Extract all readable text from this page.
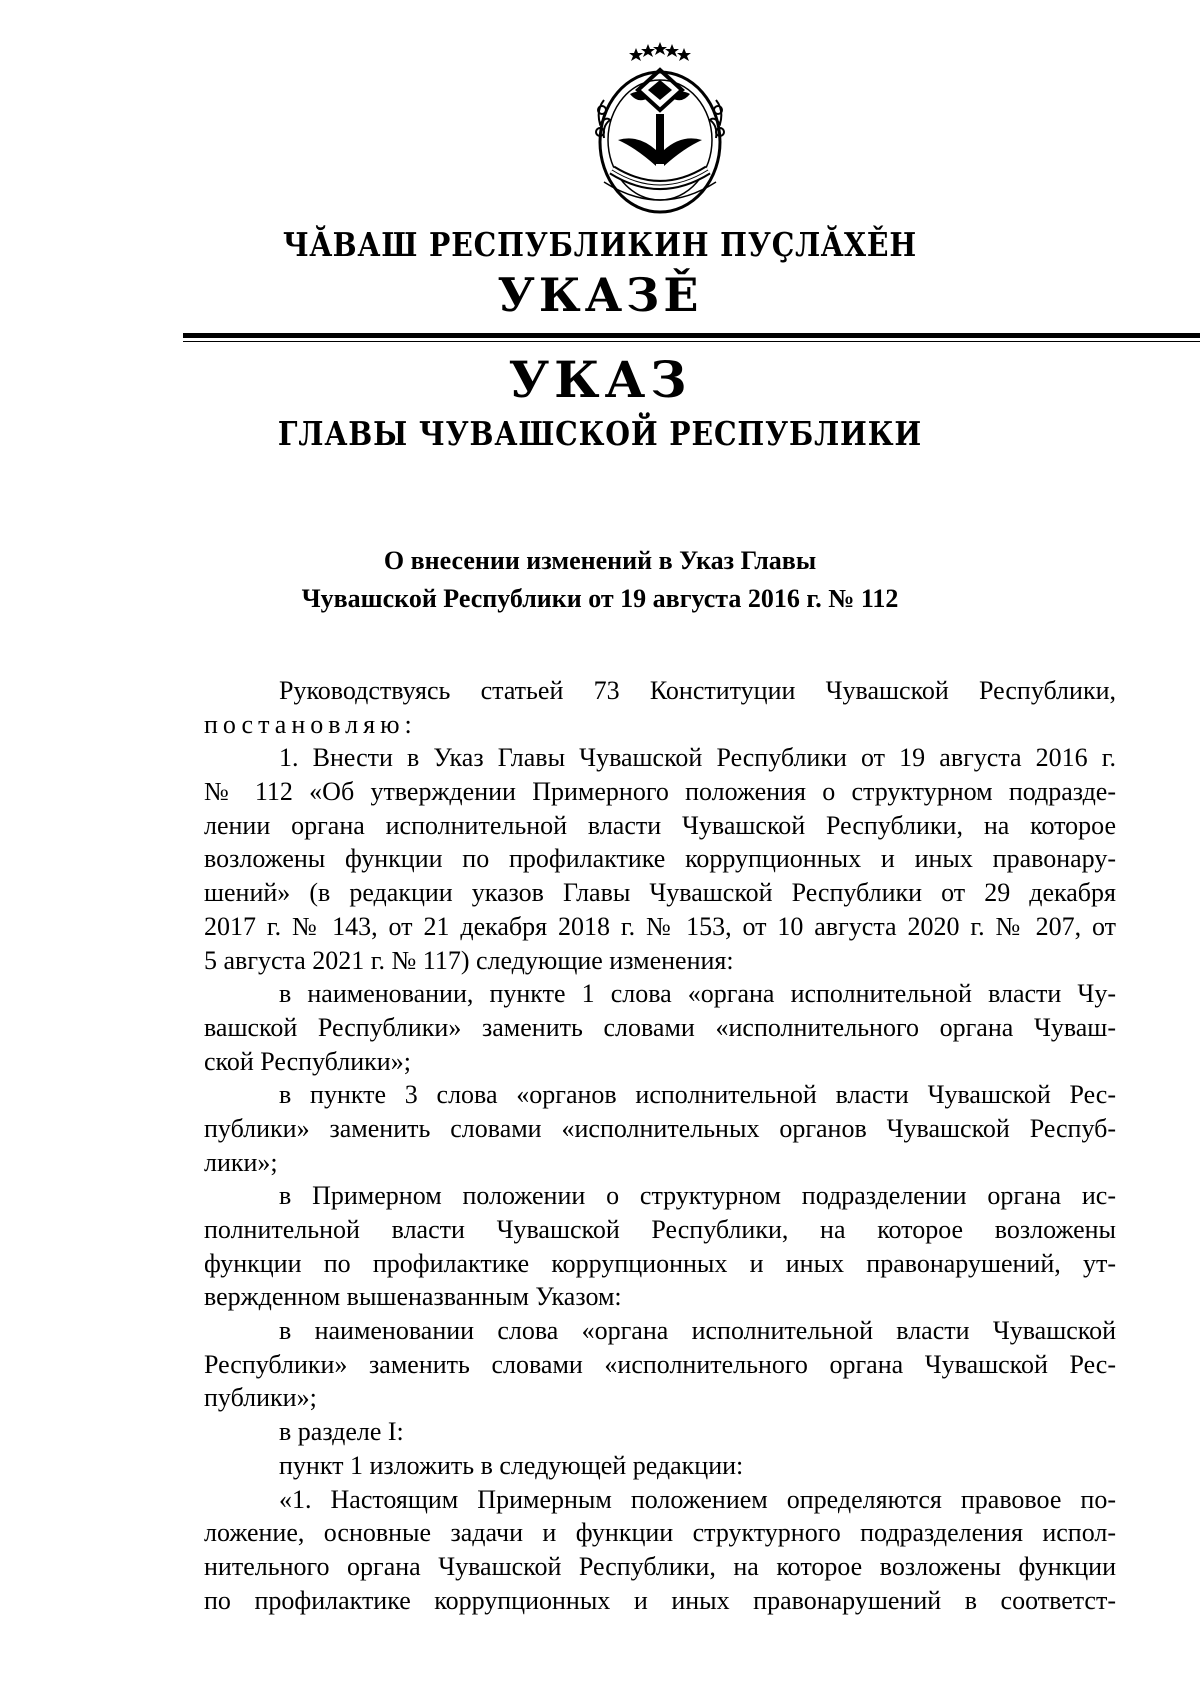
ЧĂВАШ РЕСПУБЛИКИН ПУҪЛĂХĚН
УКАЗĚ
УКАЗ
ГЛАВЫ ЧУВАШСКОЙ РЕСПУБЛИКИ
О внесении изменений в Указ Главы
Чувашской Республики от 19 августа 2016 г. № 112
Руководствуясь статьей 73 Конституции Чувашской Республики,
постановляю:
1. Внести в Указ Главы Чувашской Республики от 19 августа 2016 г.
№ 112 «Об утверждении Примерного положения о структурном подразде-
лении органа исполнительной власти Чувашской Республики, на которое
возложены функции по профилактике коррупционных и иных правонару-
шений» (в редакции указов Главы Чувашской Республики от 29 декабря
2017 г. № 143, от 21 декабря 2018 г. № 153, от 10 августа 2020 г. № 207, от
5 августа 2021 г. № 117) следующие изменения:
в наименовании, пункте 1 слова «органа исполнительной власти Чу-
вашской Республики» заменить словами «исполнительного органа Чуваш-
ской Республики»;
в пункте 3 слова «органов исполнительной власти Чувашской Рес-
публики» заменить словами «исполнительных органов Чувашской Респуб-
лики»;
в Примерном положении о структурном подразделении органа ис-
полнительной власти Чувашской Республики, на которое возложены
функции по профилактике коррупционных и иных правонарушений, ут-
вержденном вышеназванным Указом:
в наименовании слова «органа исполнительной власти Чувашской
Республики» заменить словами «исполнительного органа Чувашской Рес-
публики»;
в разделе I:
пункт 1 изложить в следующей редакции:
«1. Настоящим Примерным положением определяются правовое по-
ложение, основные задачи и функции структурного подразделения испол-
нительного органа Чувашской Республики, на которое возложены функции
по профилактике коррупционных и иных правонарушений в соответст-
